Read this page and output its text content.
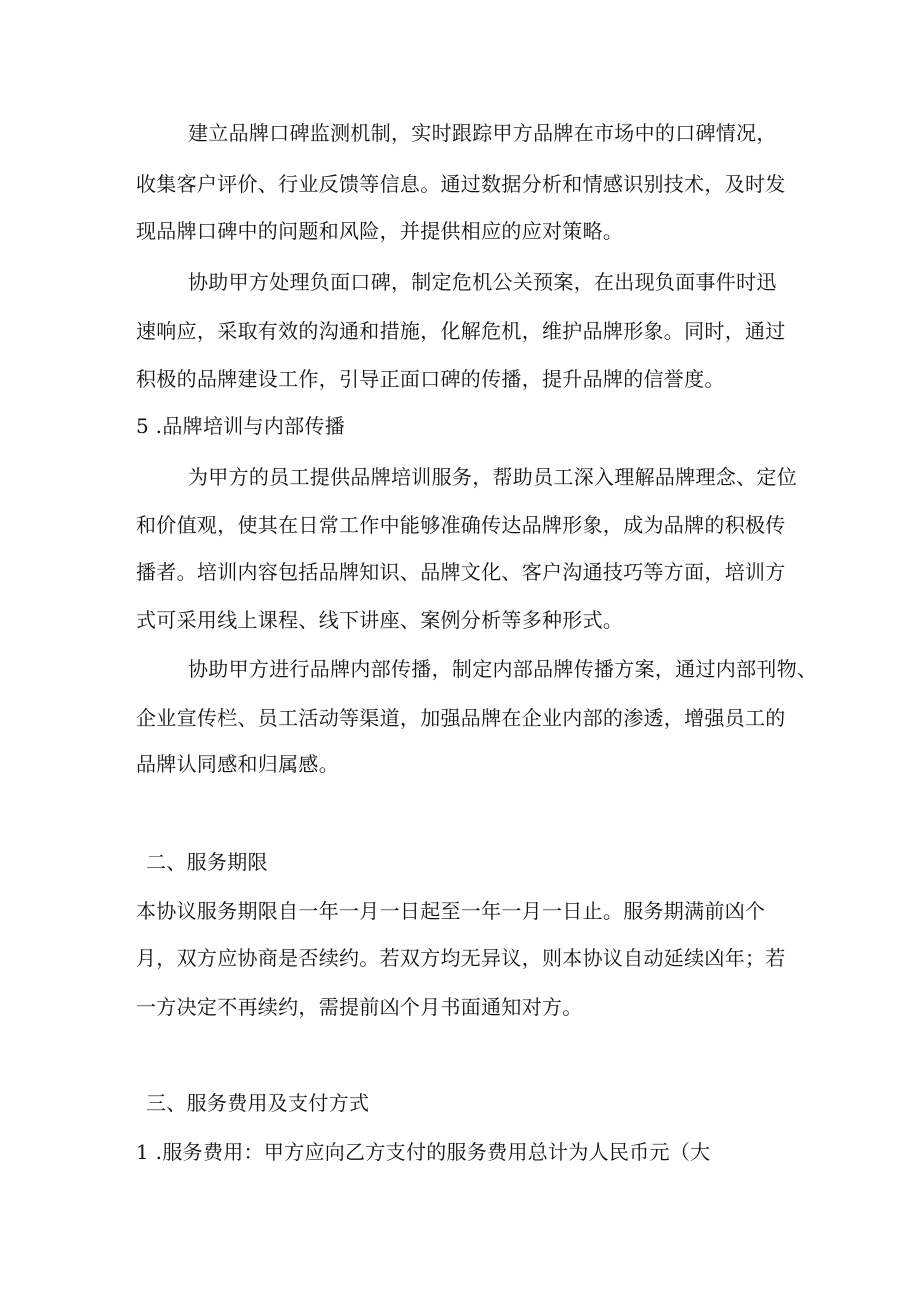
建立品牌口碑监测机制，实时跟踪甲方品牌在市场中的口碑情况，
收集客户评价、行业反馈等信息。通过数据分析和情感识别技术，及时发
现品牌口碑中的问题和风险，并提供相应的应对策略。
协助甲方处理负面口碑，制定危机公关预案，在出现负面事件时迅
速响应，采取有效的沟通和措施，化解危机，维护品牌形象。同时，通过
积极的品牌建设工作，引导正面口碑的传播，提升品牌的信誉度。
5 .品牌培训与内部传播
为甲方的员工提供品牌培训服务，帮助员工深入理解品牌理念、定位
和价值观，使其在日常工作中能够准确传达品牌形象，成为品牌的积极传
播者。培训内容包括品牌知识、品牌文化、客户沟通技巧等方面，培训方
式可采用线上课程、线下讲座、案例分析等多种形式。
协助甲方进行品牌内部传播，制定内部品牌传播方案，通过内部刊物、
企业宣传栏、员工活动等渠道，加强品牌在企业内部的渗透，增强员工的
品牌认同感和归属感。
二、服务期限
本协议服务期限自一年一月一日起至一年一月一日止。服务期满前凶个
月，双方应协商是否续约。若双方均无异议，则本协议自动延续凶年；若
一方决定不再续约，需提前凶个月书面通知对方。
三、服务费用及支付方式
1 .服务费用：甲方应向乙方支付的服务费用总计为人民币元（大
